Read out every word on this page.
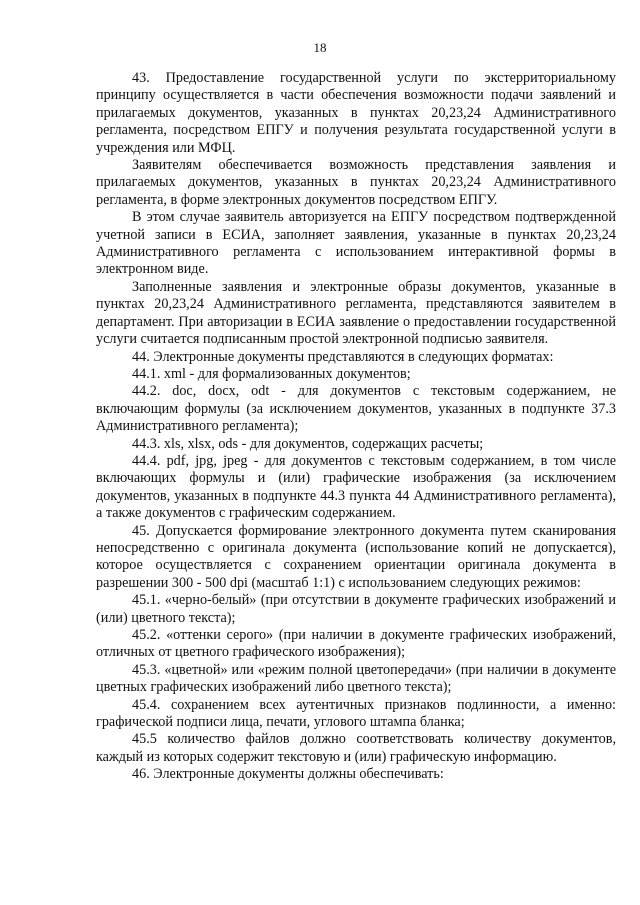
18

43. Предоставление государственной услуги по экстерриториальному принципу осуществляется в части обеспечения возможности подачи заявлений и прилагаемых документов, указанных в пунктах 20,23,24 Административного регламента, посредством ЕПГУ и получения результата государственной услуги в учреждения или МФЦ.

Заявителям обеспечивается возможность представления заявления и прилагаемых документов, указанных в пунктах 20,23,24 Административного регламента, в форме электронных документов посредством ЕПГУ.

В этом случае заявитель авторизуется на ЕПГУ посредством подтвержденной учетной записи в ЕСИА, заполняет заявления, указанные в пунктах 20,23,24 Административного регламента с использованием интерактивной формы в электронном виде.

Заполненные заявления и электронные образы документов, указанные в пунктах 20,23,24 Административного регламента, представляются заявителем в департамент. При авторизации в ЕСИА заявление о предоставлении государственной услуги считается подписанным простой электронной подписью заявителя.

44. Электронные документы представляются в следующих форматах:

44.1. xml - для формализованных документов;

44.2. doc, docx, odt - для документов с текстовым содержанием, не включающим формулы (за исключением документов, указанных в подпункте 37.3 Административного регламента);

44.3. xls, xlsx, ods - для документов, содержащих расчеты;

44.4. pdf, jpg, jpeg - для документов с текстовым содержанием, в том числе включающих формулы и (или) графические изображения (за исключением документов, указанных в подпункте 44.3 пункта 44 Административного регламента), а также документов с графическим содержанием.

45. Допускается формирование электронного документа путем сканирования непосредственно с оригинала документа (использование копий не допускается), которое осуществляется с сохранением ориентации оригинала документа в разрешении 300 - 500 dpi (масштаб 1:1) с использованием следующих режимов:

45.1. «черно-белый» (при отсутствии в документе графических изображений и (или) цветного текста);

45.2. «оттенки серого» (при наличии в документе графических изображений, отличных от цветного графического изображения);

45.3. «цветной» или «режим полной цветопередачи» (при наличии в документе цветных графических изображений либо цветного текста);

45.4. сохранением всех аутентичных признаков подлинности, а именно: графической подписи лица, печати, углового штампа бланка;

45.5 количество файлов должно соответствовать количеству документов, каждый из которых содержит текстовую и (или) графическую информацию.

46. Электронные документы должны обеспечивать:
